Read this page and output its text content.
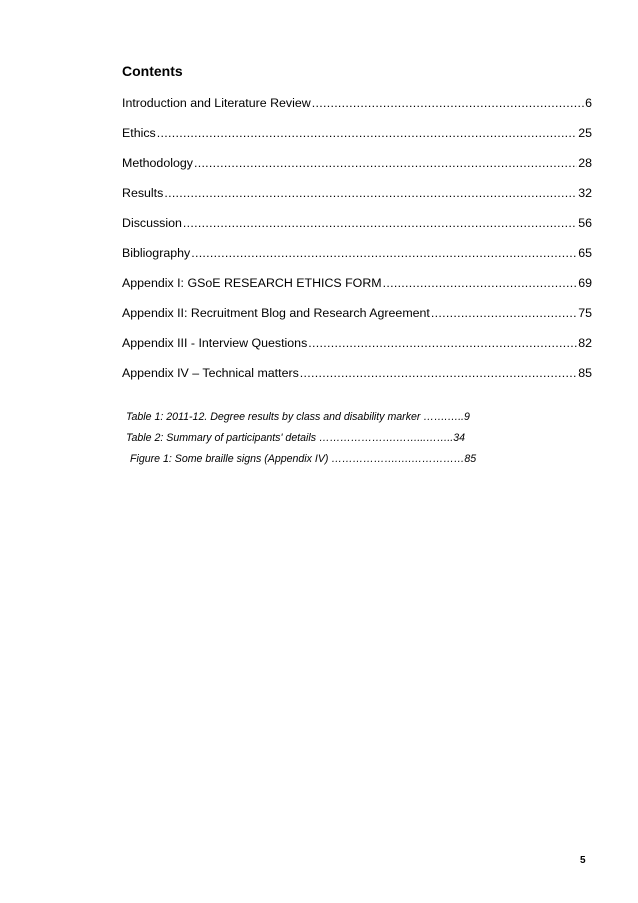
Contents
Introduction and Literature Review .....	6
Ethics .....	25
Methodology .....	28
Results .....	32
Discussion .....	56
Bibliography .....	65
Appendix I: GSoE RESEARCH ETHICS FORM .....	69
Appendix II: Recruitment Blog and Research Agreement .....	75
Appendix III - Interview Questions .....	82
Appendix IV – Technical matters .....	85
Table 1: 2011-12. Degree results by class and disability marker …….…..9
Table 2: Summary of participants' details ………………….……...……..34
Figure 1: Some braille signs (Appendix IV) ……………….….……………85
5
